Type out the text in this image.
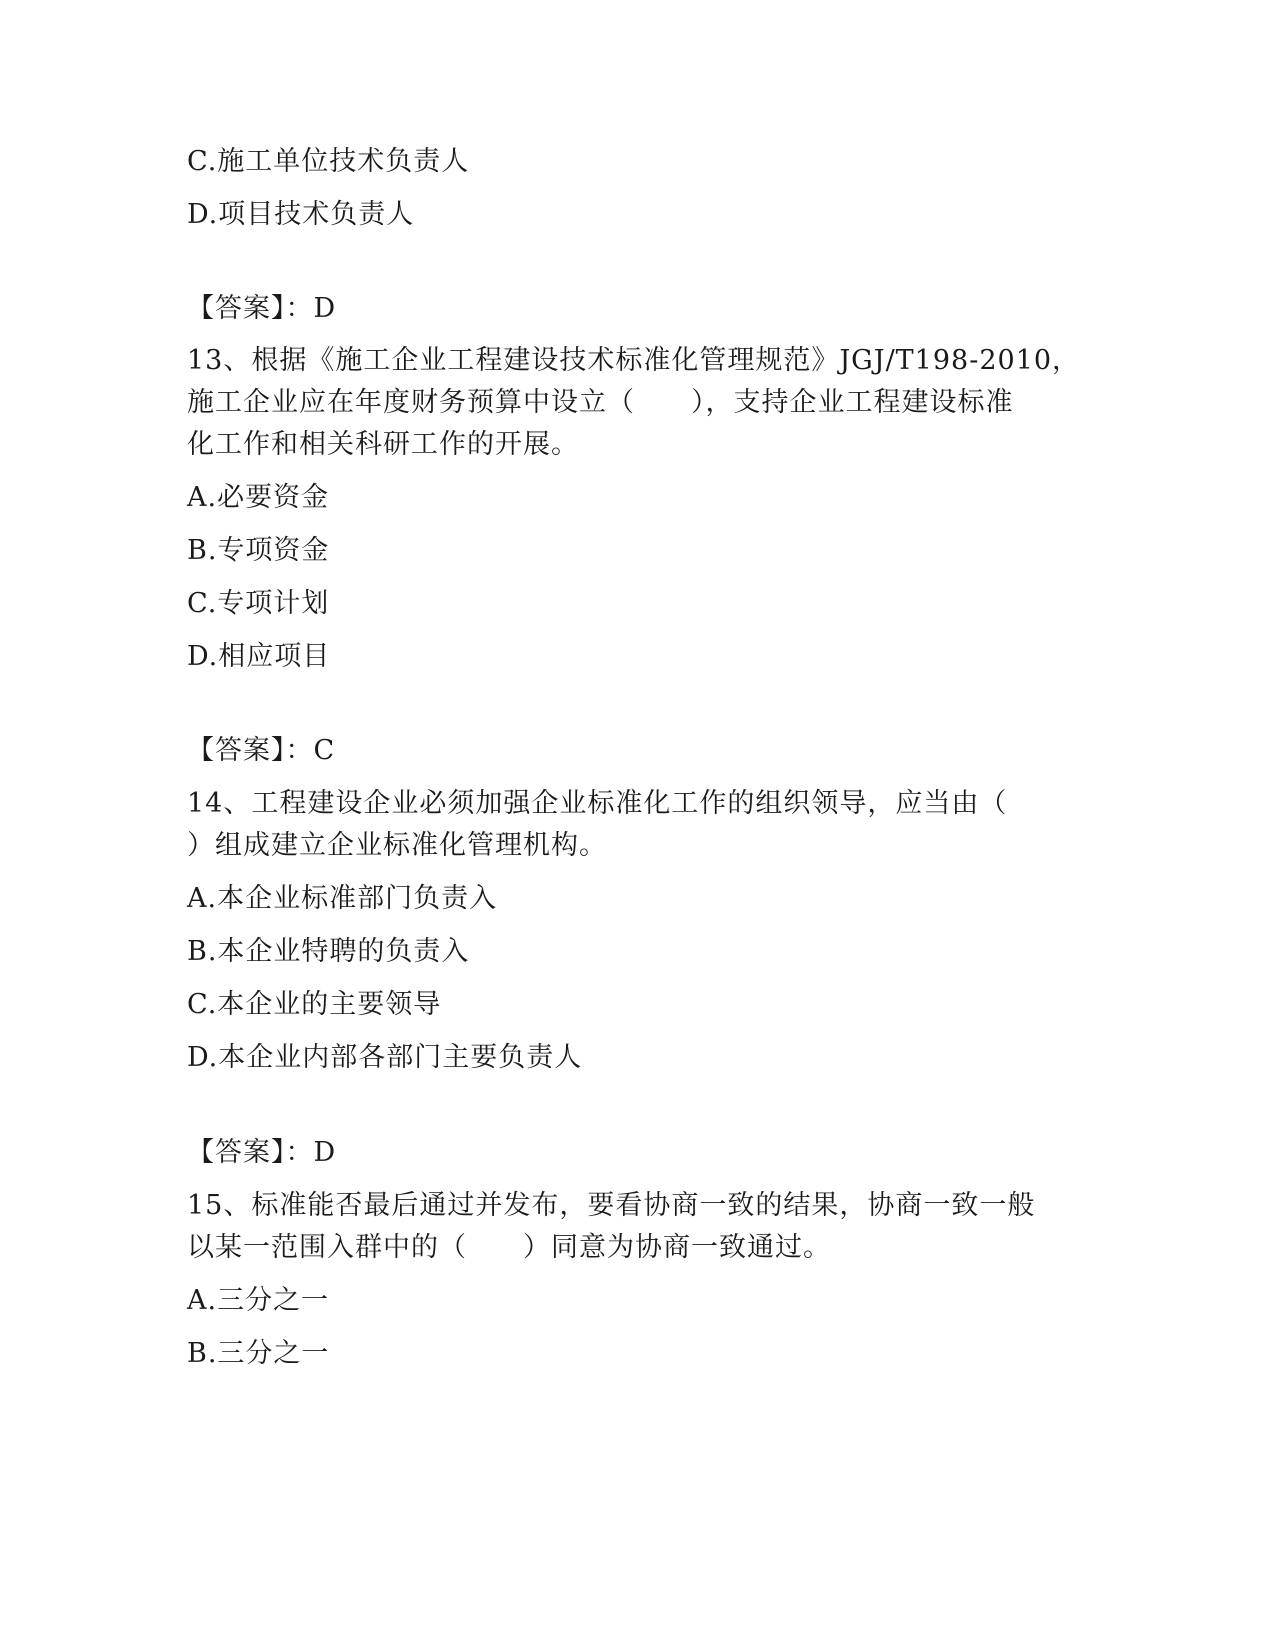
C.施工单位技术负责人
D.项目技术负责人
【答案】：D
13、根据《施工企业工程建设技术标准化管理规范》JGJ/T198-2010，
施工企业应在年度财务预算中设立（　　），支持企业工程建设标准
化工作和相关科研工作的开展。
A.必要资金
B.专项资金
C.专项计划
D.相应项目
【答案】：C
14、工程建设企业必须加强企业标准化工作的组织领导，应当由（
）组成建立企业标准化管理机构。
A.本企业标准部门负责入
B.本企业特聘的负责入
C.本企业的主要领导
D.本企业内部各部门主要负责人
【答案】：D
15、标准能否最后通过并发布，要看协商一致的结果，协商一致一般
以某一范围入群中的（　　）同意为协商一致通过。
A.三分之一
B.三分之一
